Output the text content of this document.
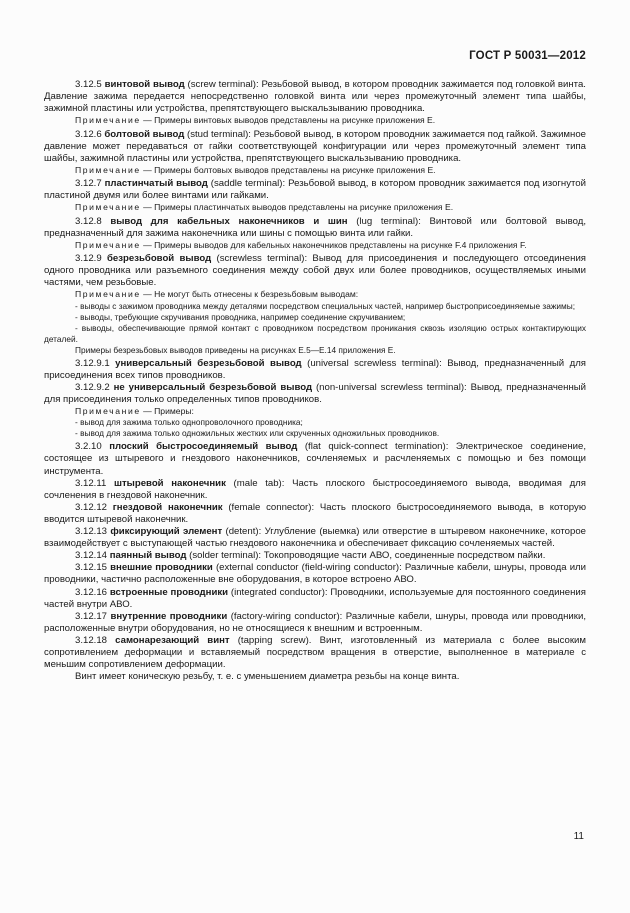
ГОСТ Р 50031—2012

3.12.5 винтовой вывод (screw terminal): Резьбовой вывод, в котором проводник зажимается под головкой винта. Давление зажима передается непосредственно головкой винта или через промежуточный элемент типа шайбы, зажимной пластины или устройства, препятствующего выскальзыванию проводника.

Примечание — Примеры винтовых выводов представлены на рисунке приложения Е.

3.12.6 болтовой вывод (stud terminal): Резьбовой вывод, в котором проводник зажимается под гайкой. Зажимное давление может передаваться от гайки соответствующей конфигурации или через промежуточный элемент типа шайбы, зажимной пластины или устройства, препятствующего выскальзыванию проводника.

Примечание — Примеры болтовых выводов представлены на рисунке приложения Е.

3.12.7 пластинчатый вывод (saddle terminal): Резьбовой вывод, в котором проводник зажимается под изогнутой пластиной двумя или более винтами или гайками.

Примечание — Примеры пластинчатых выводов представлены на рисунке приложения Е.

3.12.8 вывод для кабельных наконечников и шин (lug terminal): Винтовой или болтовой вывод, предназначенный для зажима наконечника или шины с помощью винта или гайки.

Примечание — Примеры выводов для кабельных наконечников представлены на рисунке F.4 приложения F.

3.12.9 безрезьбовой вывод (screwless terminal): Вывод для присоединения и последующего отсоединения одного проводника или разъемного соединения между собой двух или более проводников, осуществляемых иными частями, чем резьбовые.

Примечание — Не могут быть отнесены к безрезьбовым выводам:

- выводы с зажимом проводника между деталями посредством специальных частей, например быстроприсоединяемые зажимы;

- выводы, требующие скручивания проводника, например соединение скручиванием;

- выводы, обеспечивающие прямой контакт с проводником посредством проникания сквозь изоляцию острых контактирующих деталей.

Примеры безрезьбовых выводов приведены на рисунках Е.5—Е.14 приложения Е.

3.12.9.1 универсальный безрезьбовой вывод (universal screwless terminal): Вывод, предназначенный для присоединения всех типов проводников.

3.12.9.2 не универсальный безрезьбовой вывод (non-universal screwless terminal): Вывод, предназначенный для присоединения только определенных типов проводников.

Примечание — Примеры:

- вывод для зажима только однопроволочного проводника;

- вывод для зажима только одножильных жестких или скрученных одножильных проводников.

3.2.10 плоский быстросоединяемый вывод (flat quick-connect termination): Электрическое соединение, состоящее из штыревого и гнездового наконечников, сочленяемых и расчленяемых с помощью и без помощи инструмента.

3.12.11 штыревой наконечник (male tab): Часть плоского быстросоединяемого вывода, вводимая для сочленения в гнездовой наконечник.

3.12.12 гнездовой наконечник (female connector): Часть плоского быстросоединяемого вывода, в которую вводится штыревой наконечник.

3.12.13 фиксирующий элемент (detent): Углубление (выемка) или отверстие в штыревом наконечнике, которое взаимодействует с выступающей частью гнездового наконечника и обеспечивает фиксацию сочленяемых частей.

3.12.14 паянный вывод (solder terminal): Токопроводящие части АВО, соединенные посредством пайки.

3.12.15 внешние проводники (external conductor (field-wiring conductor): Различные кабели, шнуры, провода или проводники, частично расположенные вне оборудования, в которое встроено АВО.

3.12.16 встроенные проводники (integrated conductor): Проводники, используемые для постоянного соединения частей внутри АВО.

3.12.17 внутренние проводники (factory-wiring conductor): Различные кабели, шнуры, провода или проводники, расположенные внутри оборудования, но не относящиеся к внешним и встроенным.

3.12.18 самонарезающий винт (tapping screw). Винт, изготовленный из материала с более высоким сопротивлением деформации и вставляемый посредством вращения в отверстие, выполненное в материале с меньшим сопротивлением деформации.

Винт имеет коническую резьбу, т. е. с уменьшением диаметра резьбы на конце винта.

11
